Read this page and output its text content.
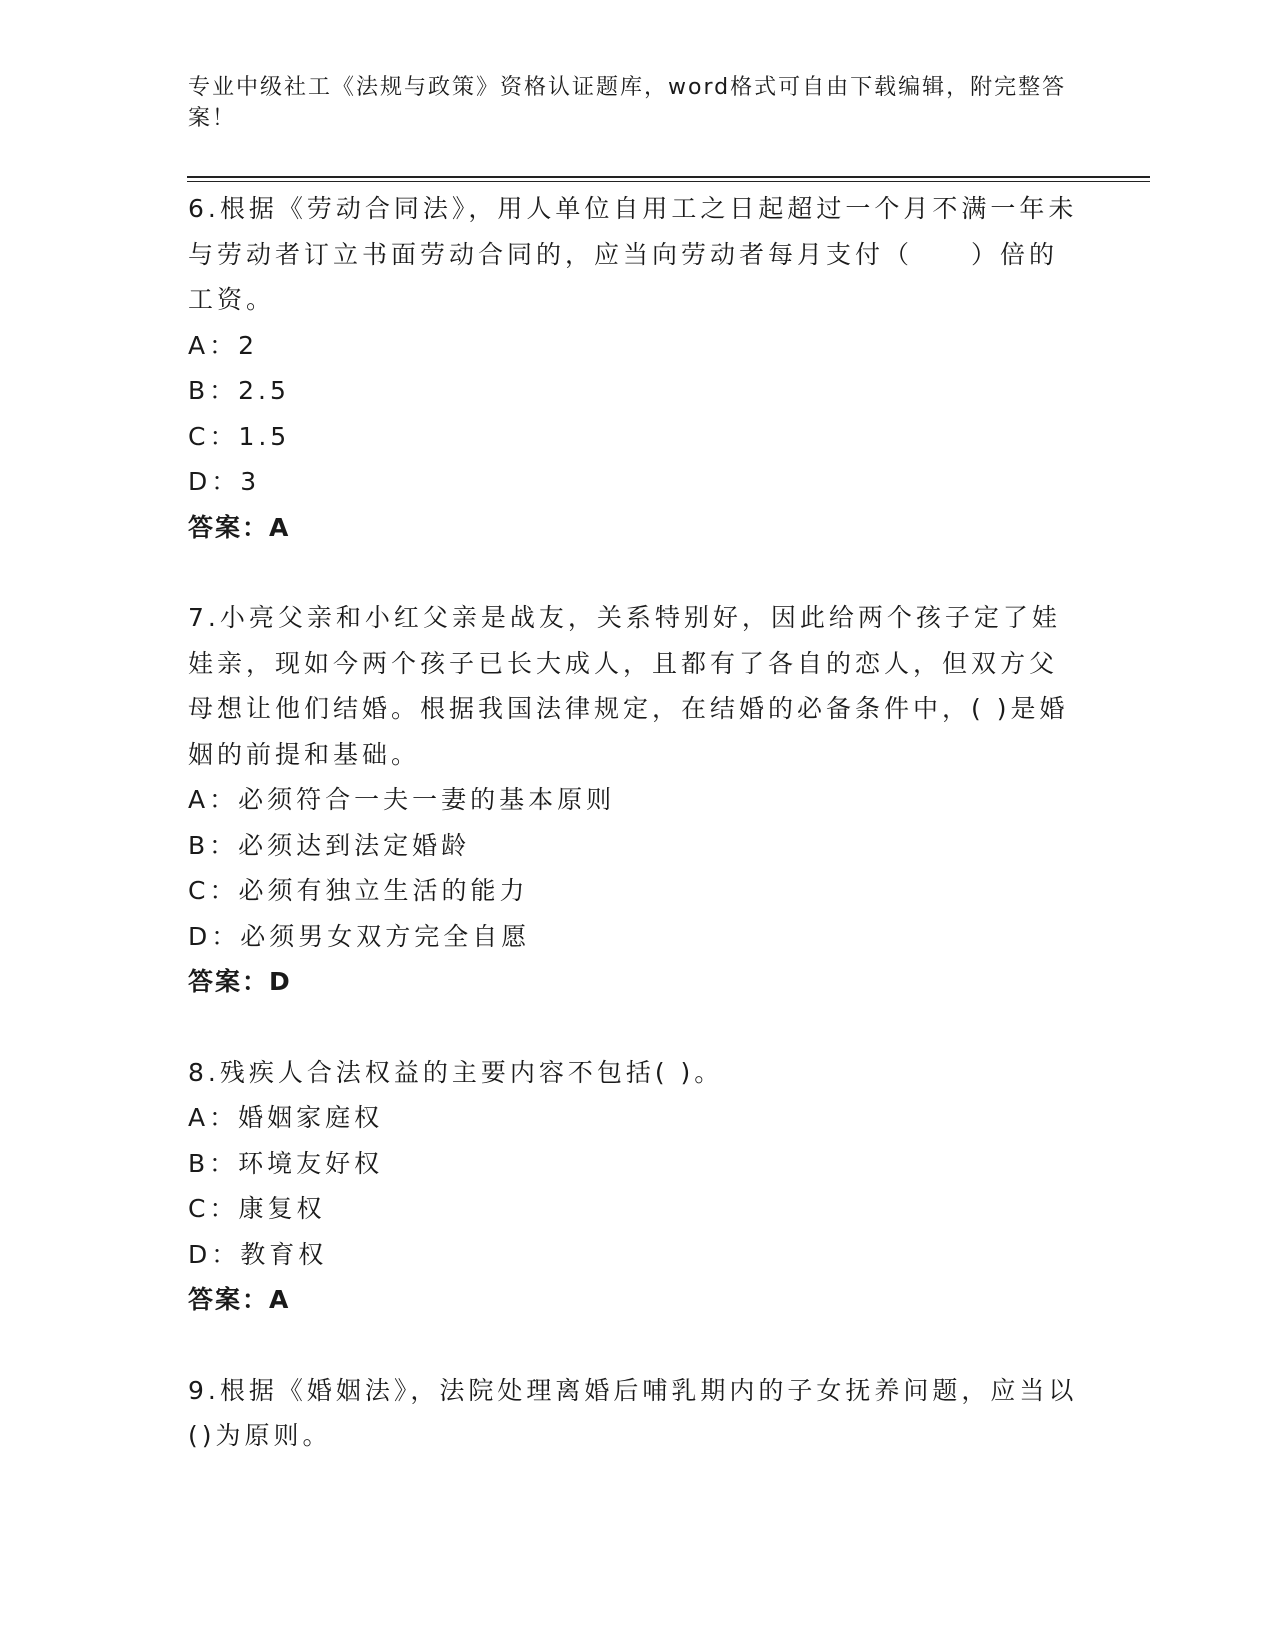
专业中级社工《法规与政策》资格认证题库，word格式可自由下载编辑，附完整答案！
6.根据《劳动合同法》，用人单位自用工之日起超过一个月不满一年未与劳动者订立书面劳动合同的，应当向劳动者每月支付（　　）倍的工资。
A：2
B：2.5
C：1.5
D：3
答案：A
7.小亮父亲和小红父亲是战友，关系特别好，因此给两个孩子定了娃娃亲，现如今两个孩子已长大成人，且都有了各自的恋人，但双方父母想让他们结婚。根据我国法律规定，在结婚的必备条件中，( )是婚姻的前提和基础。
A：必须符合一夫一妻的基本原则
B：必须达到法定婚龄
C：必须有独立生活的能力
D：必须男女双方完全自愿
答案：D
8.残疾人合法权益的主要内容不包括( )。
A：婚姻家庭权
B：环境友好权
C：康复权
D：教育权
答案：A
9.根据《婚姻法》，法院处理离婚后哺乳期内的子女抚养问题，应当以()为原则。
